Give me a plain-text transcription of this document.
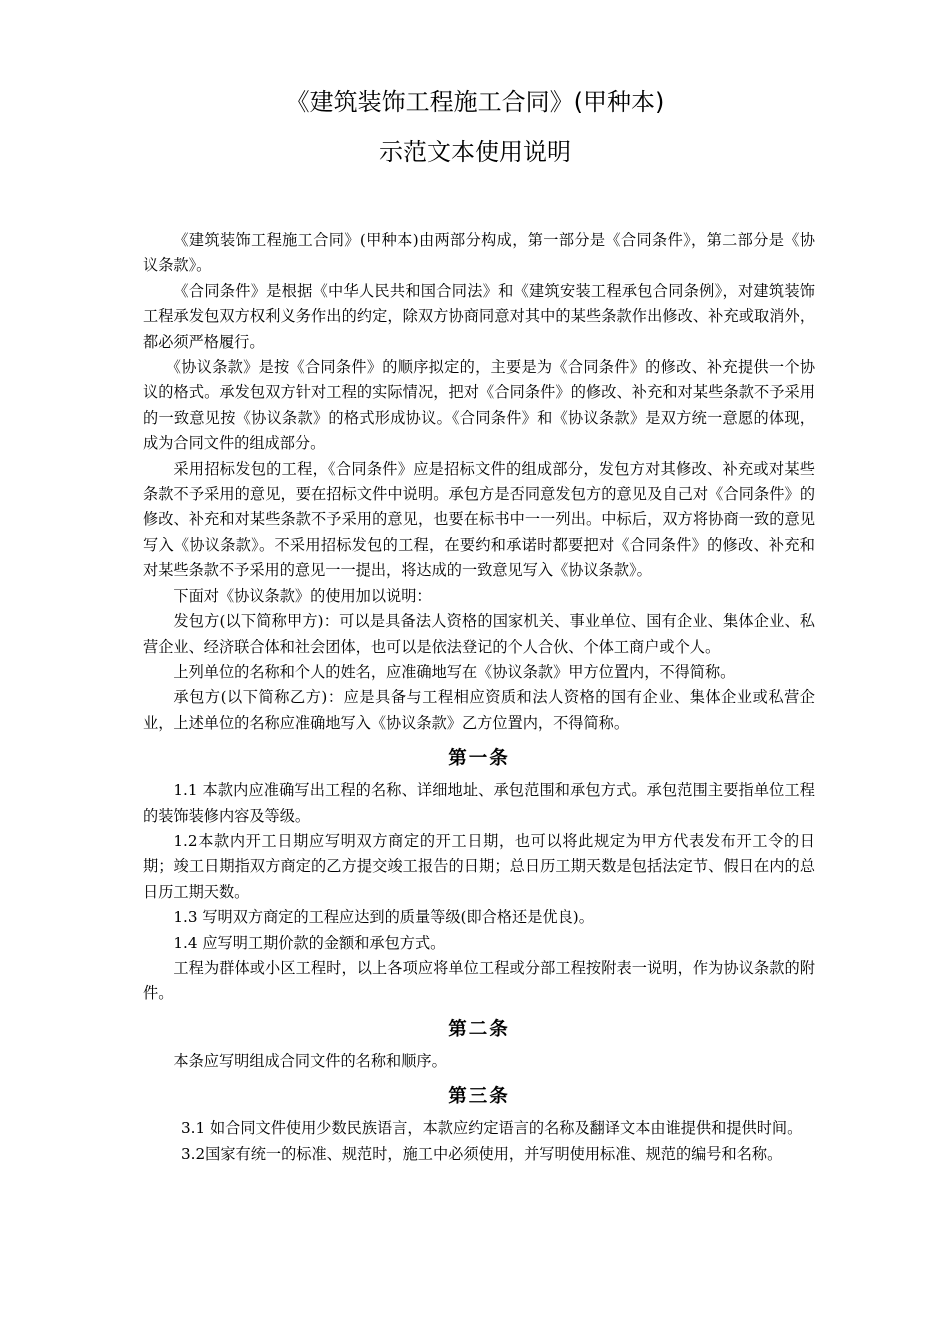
《建筑装饰工程施工合同》(甲种本)
示范文本使用说明

《建筑装饰工程施工合同》(甲种本)由两部分构成，第一部分是《合同条件》，第二部分是《协议条款》。

《合同条件》是根据《中华人民共和国合同法》和《建筑安装工程承包合同条例》，对建筑装饰工程承发包双方权利义务作出的约定，除双方协商同意对其中的某些条款作出修改、补充或取消外，都必须严格履行。

《协议条款》是按《合同条件》的顺序拟定的，主要是为《合同条件》的修改、补充提供一个协议的格式。承发包双方针对工程的实际情况，把对《合同条件》的修改、补充和对某些条款不予采用的一致意见按《协议条款》的格式形成协议。《合同条件》和《协议条款》是双方统一意愿的体现，成为合同文件的组成部分。

采用招标发包的工程，《合同条件》应是招标文件的组成部分，发包方对其修改、补充或对某些条款不予采用的意见，要在招标文件中说明。承包方是否同意发包方的意见及自己对《合同条件》的修改、补充和对某些条款不予采用的意见，也要在标书中一一列出。中标后，双方将协商一致的意见写入《协议条款》。不采用招标发包的工程，在要约和承诺时都要把对《合同条件》的修改、补充和对某些条款不予采用的意见一一提出，将达成的一致意见写入《协议条款》。

下面对《协议条款》的使用加以说明：

发包方(以下简称甲方)：可以是具备法人资格的国家机关、事业单位、国有企业、集体企业、私营企业、经济联合体和社会团体，也可以是依法登记的个人合伙、个体工商户或个人。

上列单位的名称和个人的姓名，应准确地写在《协议条款》甲方位置内，不得简称。

承包方(以下简称乙方)：应是具备与工程相应资质和法人资格的国有企业、集体企业或私营企业，上述单位的名称应准确地写入《协议条款》乙方位置内，不得简称。

第一条

1.1 本款内应准确写出工程的名称、详细地址、承包范围和承包方式。承包范围主要指单位工程的装饰装修内容及等级。

1.2本款内开工日期应写明双方商定的开工日期，也可以将此规定为甲方代表发布开工令的日期；竣工日期指双方商定的乙方提交竣工报告的日期；总日历工期天数是包括法定节、假日在内的总日历工期天数。

1.3 写明双方商定的工程应达到的质量等级(即合格还是优良)。

1.4 应写明工期价款的金额和承包方式。

工程为群体或小区工程时，以上各项应将单位工程或分部工程按附表一说明，作为协议条款的附件。

第二条

本条应写明组成合同文件的名称和顺序。

第三条

3.1 如合同文件使用少数民族语言，本款应约定语言的名称及翻译文本由谁提供和提供时间。

3.2国家有统一的标准、规范时，施工中必须使用，并写明使用标准、规范的编号和名称。
